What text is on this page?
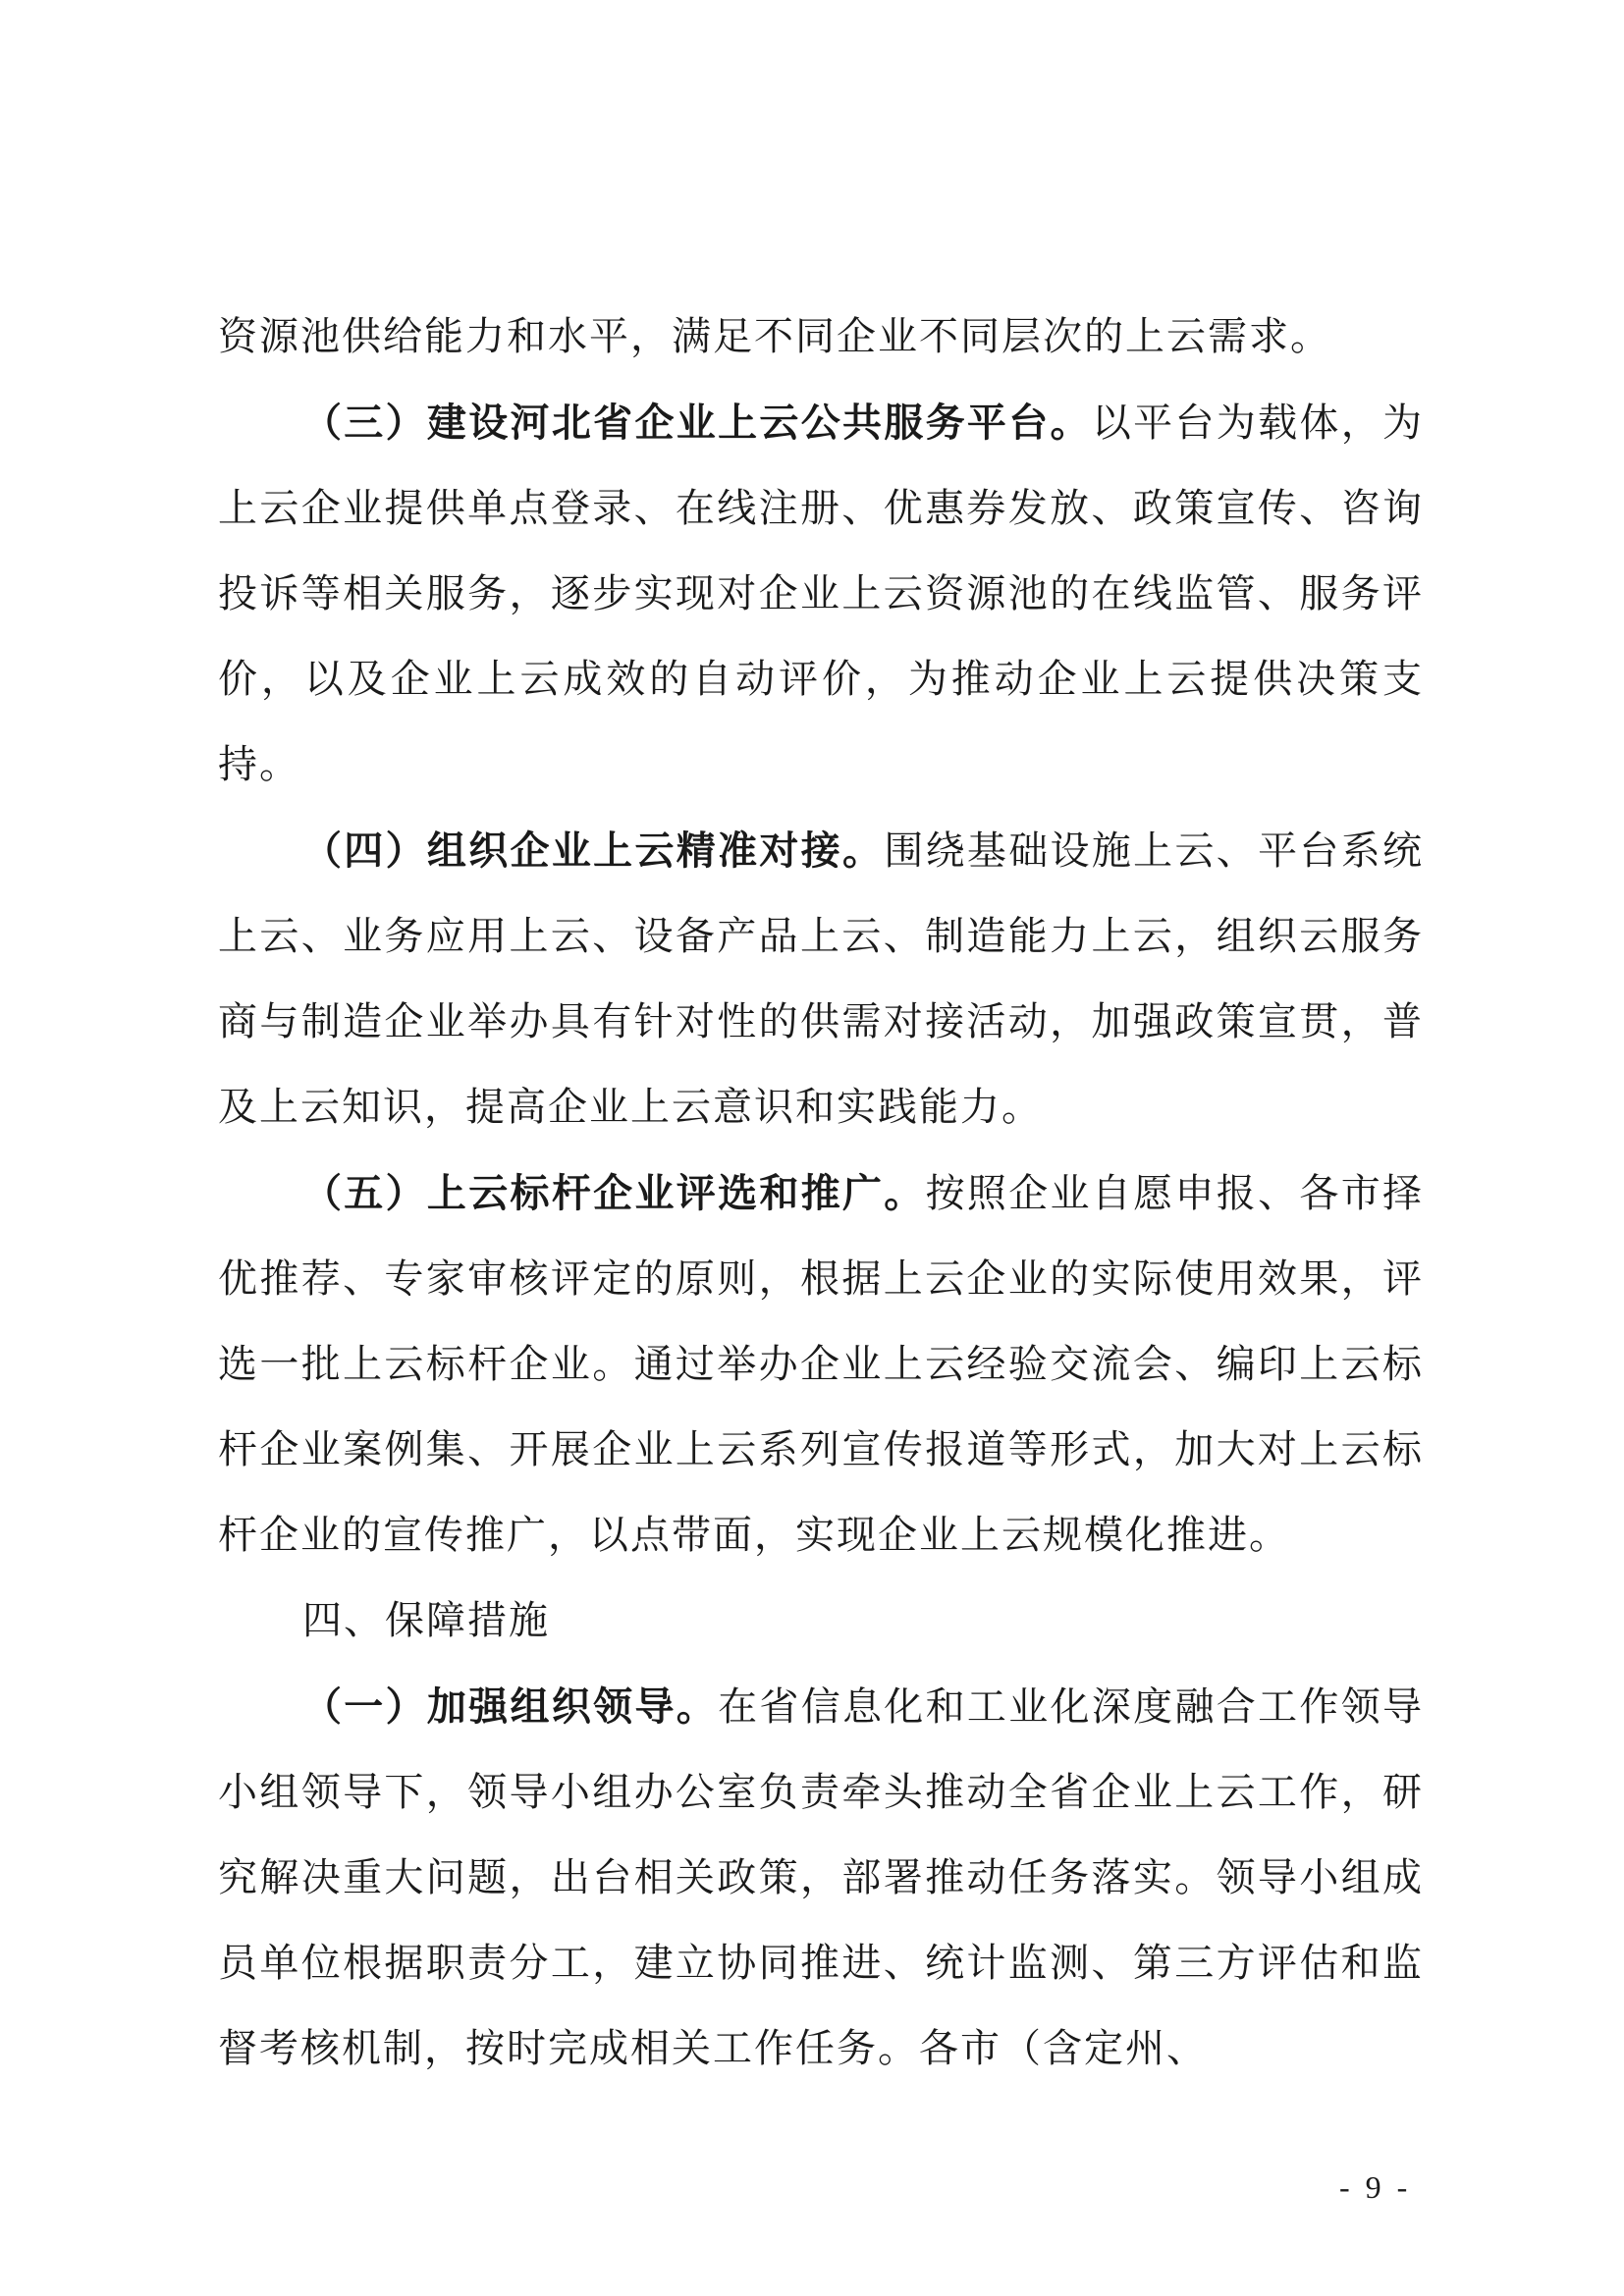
资源池供给能力和水平，满足不同企业不同层次的上云需求。

（三）建设河北省企业上云公共服务平台。以平台为载体，为上云企业提供单点登录、在线注册、优惠券发放、政策宣传、咨询投诉等相关服务，逐步实现对企业上云资源池的在线监管、服务评价，以及企业上云成效的自动评价，为推动企业上云提供决策支持。

（四）组织企业上云精准对接。围绕基础设施上云、平台系统上云、业务应用上云、设备产品上云、制造能力上云，组织云服务商与制造企业举办具有针对性的供需对接活动，加强政策宣贯，普及上云知识，提高企业上云意识和实践能力。

（五）上云标杆企业评选和推广。按照企业自愿申报、各市择优推荐、专家审核评定的原则，根据上云企业的实际使用效果，评选一批上云标杆企业。通过举办企业上云经验交流会、编印上云标杆企业案例集、开展企业上云系列宣传报道等形式，加大对上云标杆企业的宣传推广，以点带面，实现企业上云规模化推进。

四、保障措施

（一）加强组织领导。在省信息化和工业化深度融合工作领导小组领导下，领导小组办公室负责牵头推动全省企业上云工作，研究解决重大问题，出台相关政策，部署推动任务落实。领导小组成员单位根据职责分工，建立协同推进、统计监测、第三方评估和监督考核机制，按时完成相关工作任务。各市（含定州、

- 9 -
